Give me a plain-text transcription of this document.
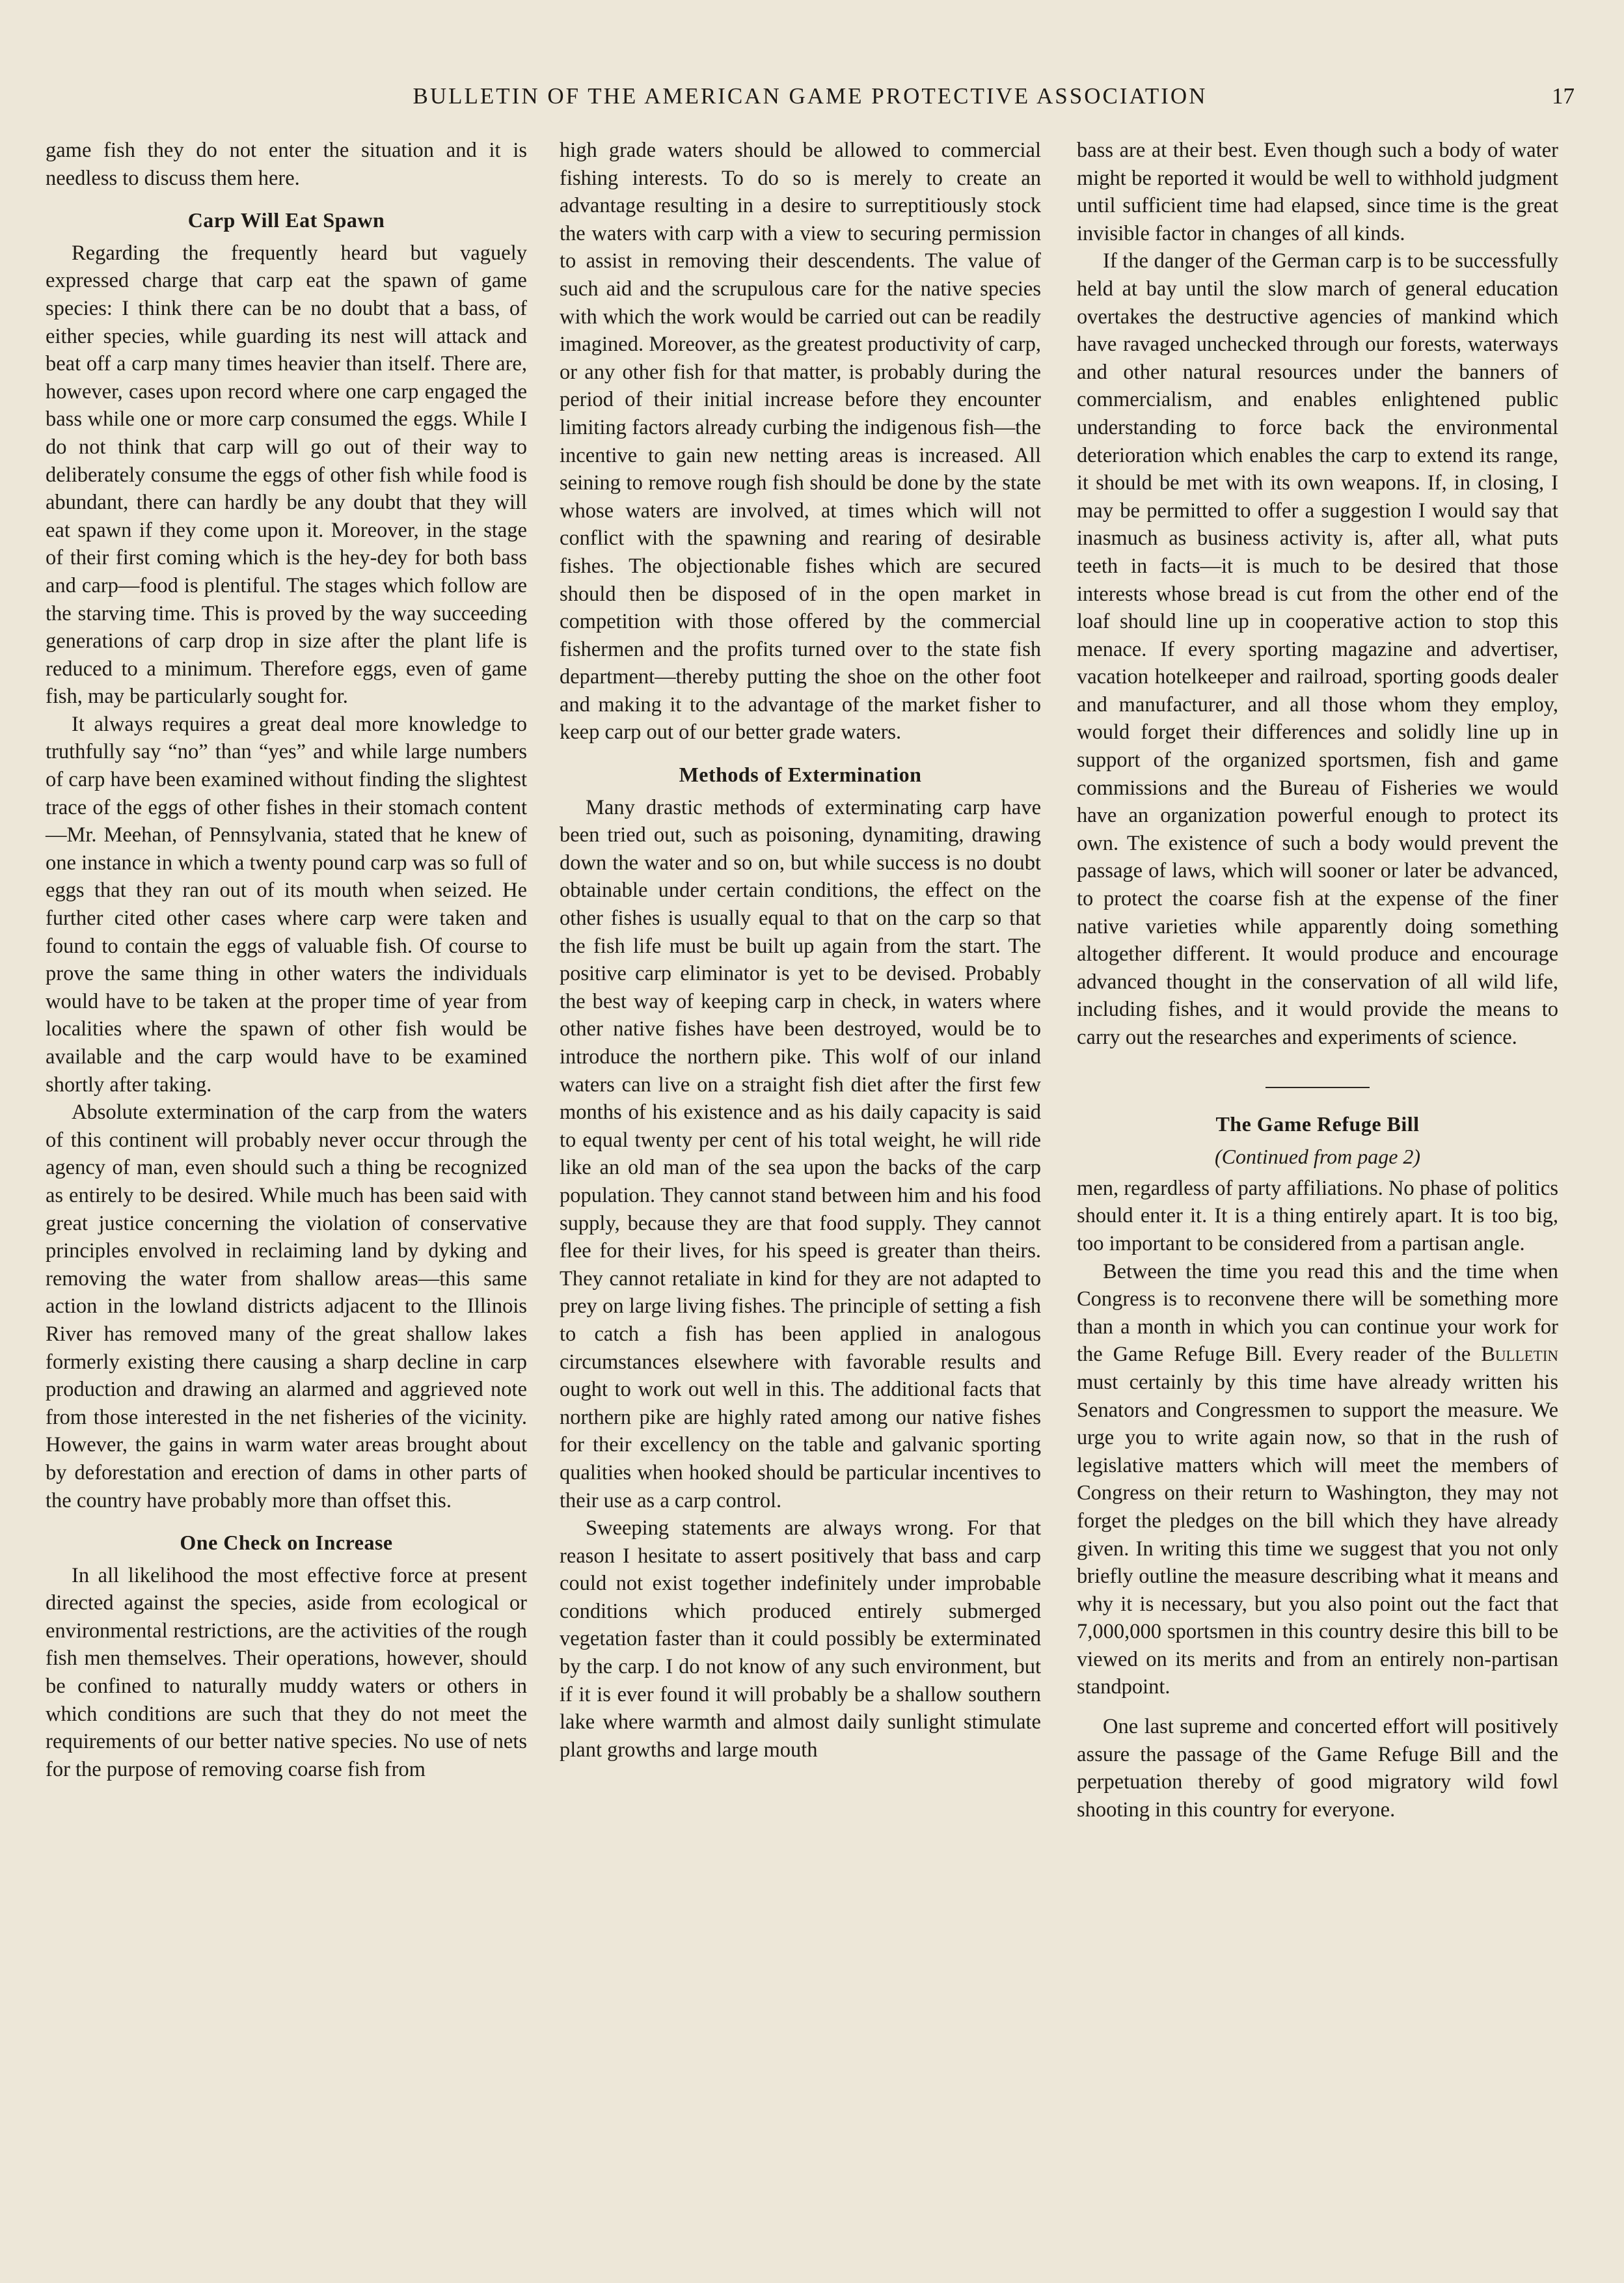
BULLETIN OF THE AMERICAN GAME PROTECTIVE ASSOCIATION	17

game fish they do not enter the situation and it is needless to discuss them here.

Carp Will Eat Spawn

Regarding the frequently heard but vaguely expressed charge that carp eat the spawn of game species: I think there can be no doubt that a bass, of either species, while guarding its nest will attack and beat off a carp many times heavier than itself. There are, however, cases upon record where one carp engaged the bass while one or more carp consumed the eggs. While I do not think that carp will go out of their way to deliberately consume the eggs of other fish while food is abundant, there can hardly be any doubt that they will eat spawn if they come upon it. Moreover, in the stage of their first coming which is the hey-dey for both bass and carp—food is plentiful. The stages which follow are the starving time. This is proved by the way succeeding generations of carp drop in size after the plant life is reduced to a minimum. Therefore eggs, even of game fish, may be particularly sought for.

It always requires a great deal more knowledge to truthfully say “no” than “yes” and while large numbers of carp have been examined without finding the slightest trace of the eggs of other fishes in their stomach content—Mr. Meehan, of Pennsylvania, stated that he knew of one instance in which a twenty pound carp was so full of eggs that they ran out of its mouth when seized. He further cited other cases where carp were taken and found to contain the eggs of valuable fish. Of course to prove the same thing in other waters the individuals would have to be taken at the proper time of year from localities where the spawn of other fish would be available and the carp would have to be examined shortly after taking.

Absolute extermination of the carp from the waters of this continent will probably never occur through the agency of man, even should such a thing be recognized as entirely to be desired. While much has been said with great justice concerning the violation of conservative principles envolved in reclaiming land by dyking and removing the water from shallow areas—this same action in the lowland districts adjacent to the Illinois River has removed many of the great shallow lakes formerly existing there causing a sharp decline in carp production and drawing an alarmed and aggrieved note from those interested in the net fisheries of the vicinity. However, the gains in warm water areas brought about by deforestation and erection of dams in other parts of the country have probably more than offset this.

One Check on Increase

In all likelihood the most effective force at present directed against the species, aside from ecological or environmental restrictions, are the activities of the rough fish men themselves. Their operations, however, should be confined to naturally muddy waters or others in which conditions are such that they do not meet the requirements of our better native species. No use of nets for the purpose of removing coarse fish from

high grade waters should be allowed to commercial fishing interests. To do so is merely to create an advantage resulting in a desire to surreptitiously stock the waters with carp with a view to securing permission to assist in removing their descendents. The value of such aid and the scrupulous care for the native species with which the work would be carried out can be readily imagined. Moreover, as the greatest productivity of carp, or any other fish for that matter, is probably during the period of their initial increase before they encounter limiting factors already curbing the indigenous fish—the incentive to gain new netting areas is increased. All seining to remove rough fish should be done by the state whose waters are involved, at times which will not conflict with the spawning and rearing of desirable fishes. The objectionable fishes which are secured should then be disposed of in the open market in competition with those offered by the commercial fishermen and the profits turned over to the state fish department—thereby putting the shoe on the other foot and making it to the advantage of the market fisher to keep carp out of our better grade waters.

Methods of Extermination

Many drastic methods of exterminating carp have been tried out, such as poisoning, dynamiting, drawing down the water and so on, but while success is no doubt obtainable under certain conditions, the effect on the other fishes is usually equal to that on the carp so that the fish life must be built up again from the start. The positive carp eliminator is yet to be devised. Probably the best way of keeping carp in check, in waters where other native fishes have been destroyed, would be to introduce the northern pike. This wolf of our inland waters can live on a straight fish diet after the first few months of his existence and as his daily capacity is said to equal twenty per cent of his total weight, he will ride like an old man of the sea upon the backs of the carp population. They cannot stand between him and his food supply, because they are that food supply. They cannot flee for their lives, for his speed is greater than theirs. They cannot retaliate in kind for they are not adapted to prey on large living fishes. The principle of setting a fish to catch a fish has been applied in analogous circumstances elsewhere with favorable results and ought to work out well in this. The additional facts that northern pike are highly rated among our native fishes for their excellency on the table and galvanic sporting qualities when hooked should be particular incentives to their use as a carp control.

Sweeping statements are always wrong. For that reason I hesitate to assert positively that bass and carp could not exist together indefinitely under improbable conditions which produced entirely submerged vegetation faster than it could possibly be exterminated by the carp. I do not know of any such environment, but if it is ever found it will probably be a shallow southern lake where warmth and almost daily sunlight stimulate plant growths and large mouth

bass are at their best. Even though such a body of water might be reported it would be well to withhold judgment until sufficient time had elapsed, since time is the great invisible factor in changes of all kinds.

If the danger of the German carp is to be successfully held at bay until the slow march of general education overtakes the destructive agencies of mankind which have ravaged unchecked through our forests, waterways and other natural resources under the banners of commercialism, and enables enlightened public understanding to force back the environmental deterioration which enables the carp to extend its range, it should be met with its own weapons. If, in closing, I may be permitted to offer a suggestion I would say that inasmuch as business activity is, after all, what puts teeth in facts—it is much to be desired that those interests whose bread is cut from the other end of the loaf should line up in cooperative action to stop this menace. If every sporting magazine and advertiser, vacation hotelkeeper and railroad, sporting goods dealer and manufacturer, and all those whom they employ, would forget their differences and solidly line up in support of the organized sportsmen, fish and game commissions and the Bureau of Fisheries we would have an organization powerful enough to protect its own. The existence of such a body would prevent the passage of laws, which will sooner or later be advanced, to protect the coarse fish at the expense of the finer native varieties while apparently doing something altogether different. It would produce and encourage advanced thought in the conservation of all wild life, including fishes, and it would provide the means to carry out the researches and experiments of science.

The Game Refuge Bill
(Continued from page 2)

men, regardless of party affiliations. No phase of politics should enter it. It is a thing entirely apart. It is too big, too important to be considered from a partisan angle.

Between the time you read this and the time when Congress is to reconvene there will be something more than a month in which you can continue your work for the Game Refuge Bill. Every reader of the Bulletin must certainly by this time have already written his Senators and Congressmen to support the measure. We urge you to write again now, so that in the rush of legislative matters which will meet the members of Congress on their return to Washington, they may not forget the pledges on the bill which they have already given. In writing this time we suggest that you not only briefly outline the measure describing what it means and why it is necessary, but you also point out the fact that 7,000,000 sportsmen in this country desire this bill to be viewed on its merits and from an entirely non-partisan standpoint.

One last supreme and concerted effort will positively assure the passage of the Game Refuge Bill and the perpetuation thereby of good migratory wild fowl shooting in this country for everyone.
